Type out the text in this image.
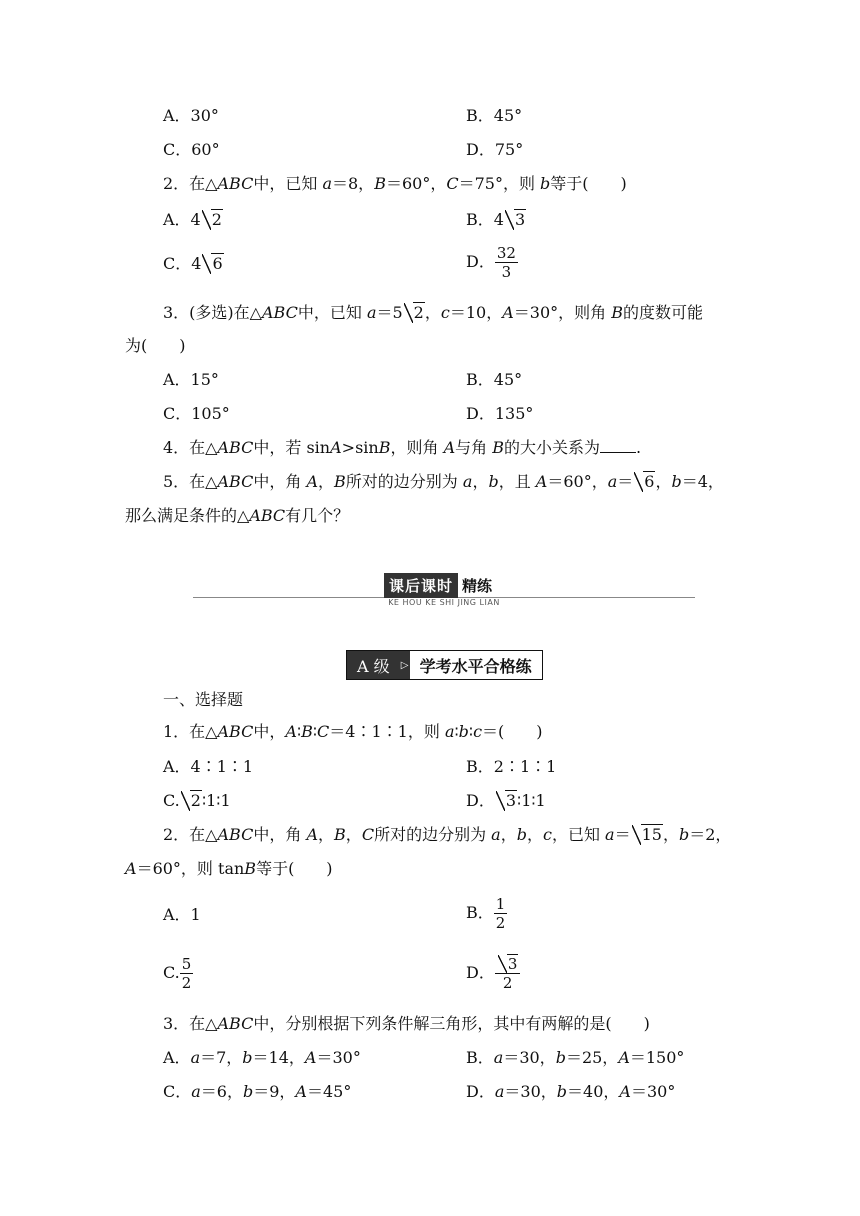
A．30°	B．45°
C．60°	D．75°
2．在△ABC中，已知 a＝8，B＝60°，C＝75°，则 b等于(　　)
A．4 2	B．4 3
C．4 6	D． $\frac{32}{3}$
3．(多选)在△ABC中，已知 a＝5 2，c＝10，A＝30°，则角 B的度数可能
为(　　)
A．15°	B．45°
C．105°	D．135°
4．在△ABC中，若 sinA>sinB，则角 A与角 B的大小关系为 .
5．在△ABC中，角 A，B所对的边分别为 a，b，且 A＝60°，a＝ 6，b＝4，
那么满足条件的△ABC有几个？
课后课时 精练
KE HOU KE SHI JING LIAN
A 级	▷ 学考水平合格练
一、选择题
1．在△ABC中，A∶B∶C＝4∶1∶1，则 a∶b∶c＝(　　)
A．4∶1∶1	B．2∶1∶1
C. 2∶1∶1	D． 3∶1∶1
2．在△ABC中，角 A，B，C所对的边分别为 a，b，c，已知 a＝ 15，b＝2，
A＝60°，则 tanB等于(　　)
A．1	B． $\frac{1}{2}$
C. $\frac{5}{2}$	D． $\frac{3}{2}$
3．在△ABC中，分别根据下列条件解三角形，其中有两解的是(　　)
A．a＝7，b＝14，A＝30°	B．a＝30，b＝25，A＝150°
C．a＝6，b＝9，A＝45°	D．a＝30，b＝40，A＝30°
